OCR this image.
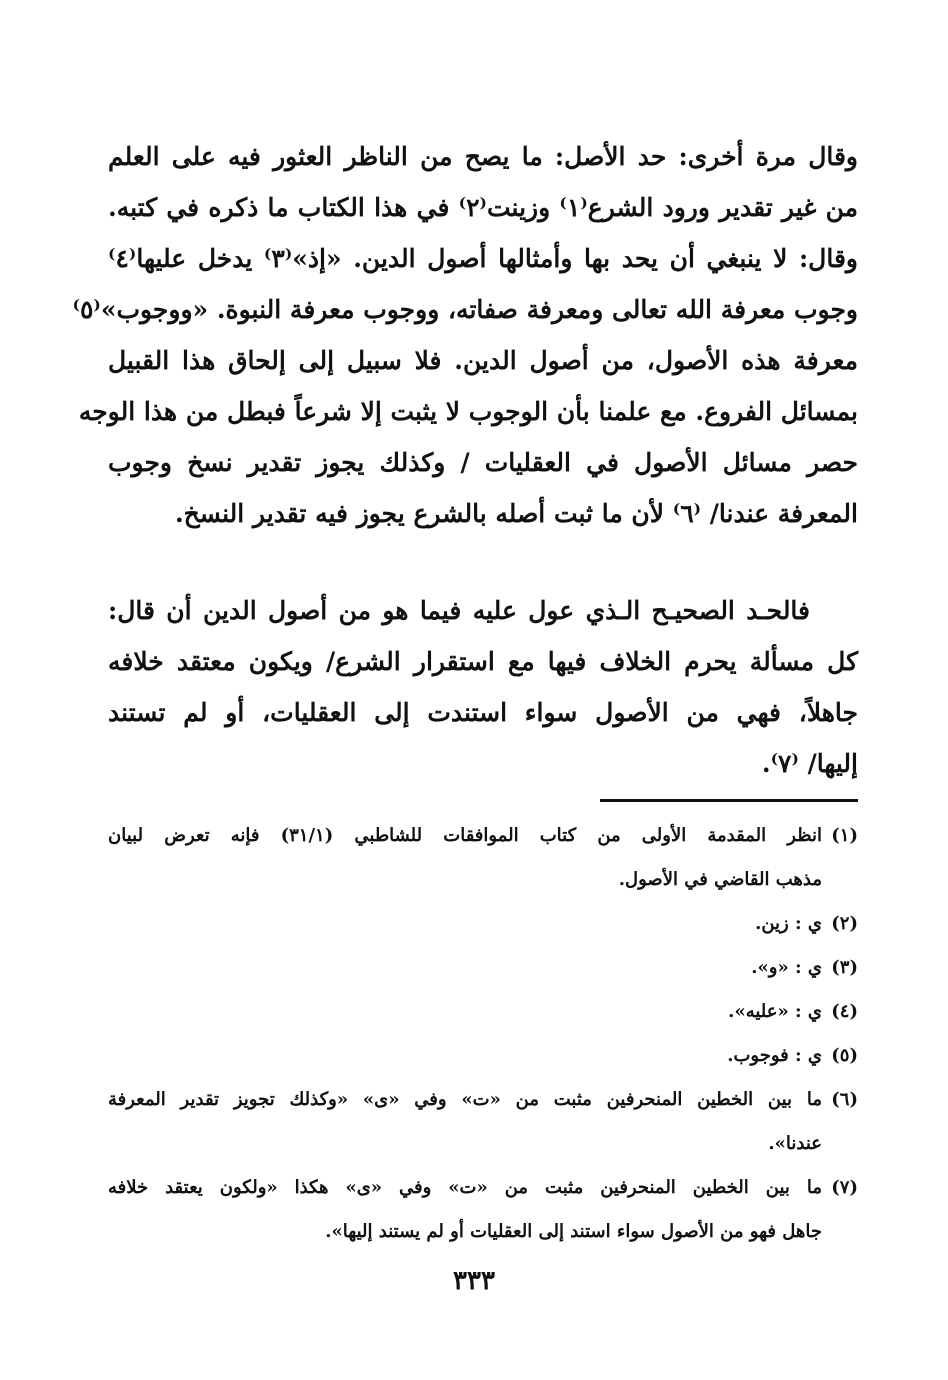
وقال مرة أخرى: حد الأصل: ما يصح من الناظر العثور فيه على العلم
من غير تقدير ورود الشرع⁽١⁾ وزينت⁽٢⁾ في هذا الكتاب ما ذكره في كتبه.
وقال: لا ينبغي أن يحد بها وأمثالها أصول الدين. «إذ»⁽٣⁾ يدخل عليها⁽٤⁾
وجوب معرفة الله تعالى ومعرفة صفاته، ووجوب معرفة النبوة. «ووجوب»⁽٥⁾
معرفة هذه الأصول، من أصول الدين. فلا سبيل إلى إلحاق هذا القبيل
بمسائل الفروع. مع علمنا بأن الوجوب لا يثبت إلا شرعاً فبطل من هذا الوجه
حصر مسائل الأصول في العقليات / وكذلك يجوز تقدير نسخ وجوب
المعرفة عندنا/ ⁽٦⁾ لأن ما ثبت أصله بالشرع يجوز فيه تقدير النسخ.
فالحـد الصحيـح الـذي عول عليه فيما هو من أصول الدين أن قال:
كل مسألة يحرم الخلاف فيها مع استقرار الشرع/ ويكون معتقد خلافه
جاهلاً، فهي من الأصول سواء استندت إلى العقليات، أو لم تستند
إليها/ ⁽٧⁾.
(١)
انظر المقدمة الأولى من كتاب الموافقات للشاطبي (٣١/١) فإنه تعرض لبيان
مذهب القاضي في الأصول.
(٢)
ي : زين.
(٣)
ي : «و».
(٤)
ي : «عليه».
(٥)
ي : فوجوب.
(٦)
ما بين الخطين المنحرفين مثبت من «ت» وفي «ى» «وكذلك تجويز تقدير المعرفة
عندنا».
(٧)
ما بين الخطين المنحرفين مثبت من «ت» وفي «ى» هكذا «ولكون يعتقد خلافه
جاهل فهو من الأصول سواء استند إلى العقليات أو لم يستند إليها».
٣٣٣
